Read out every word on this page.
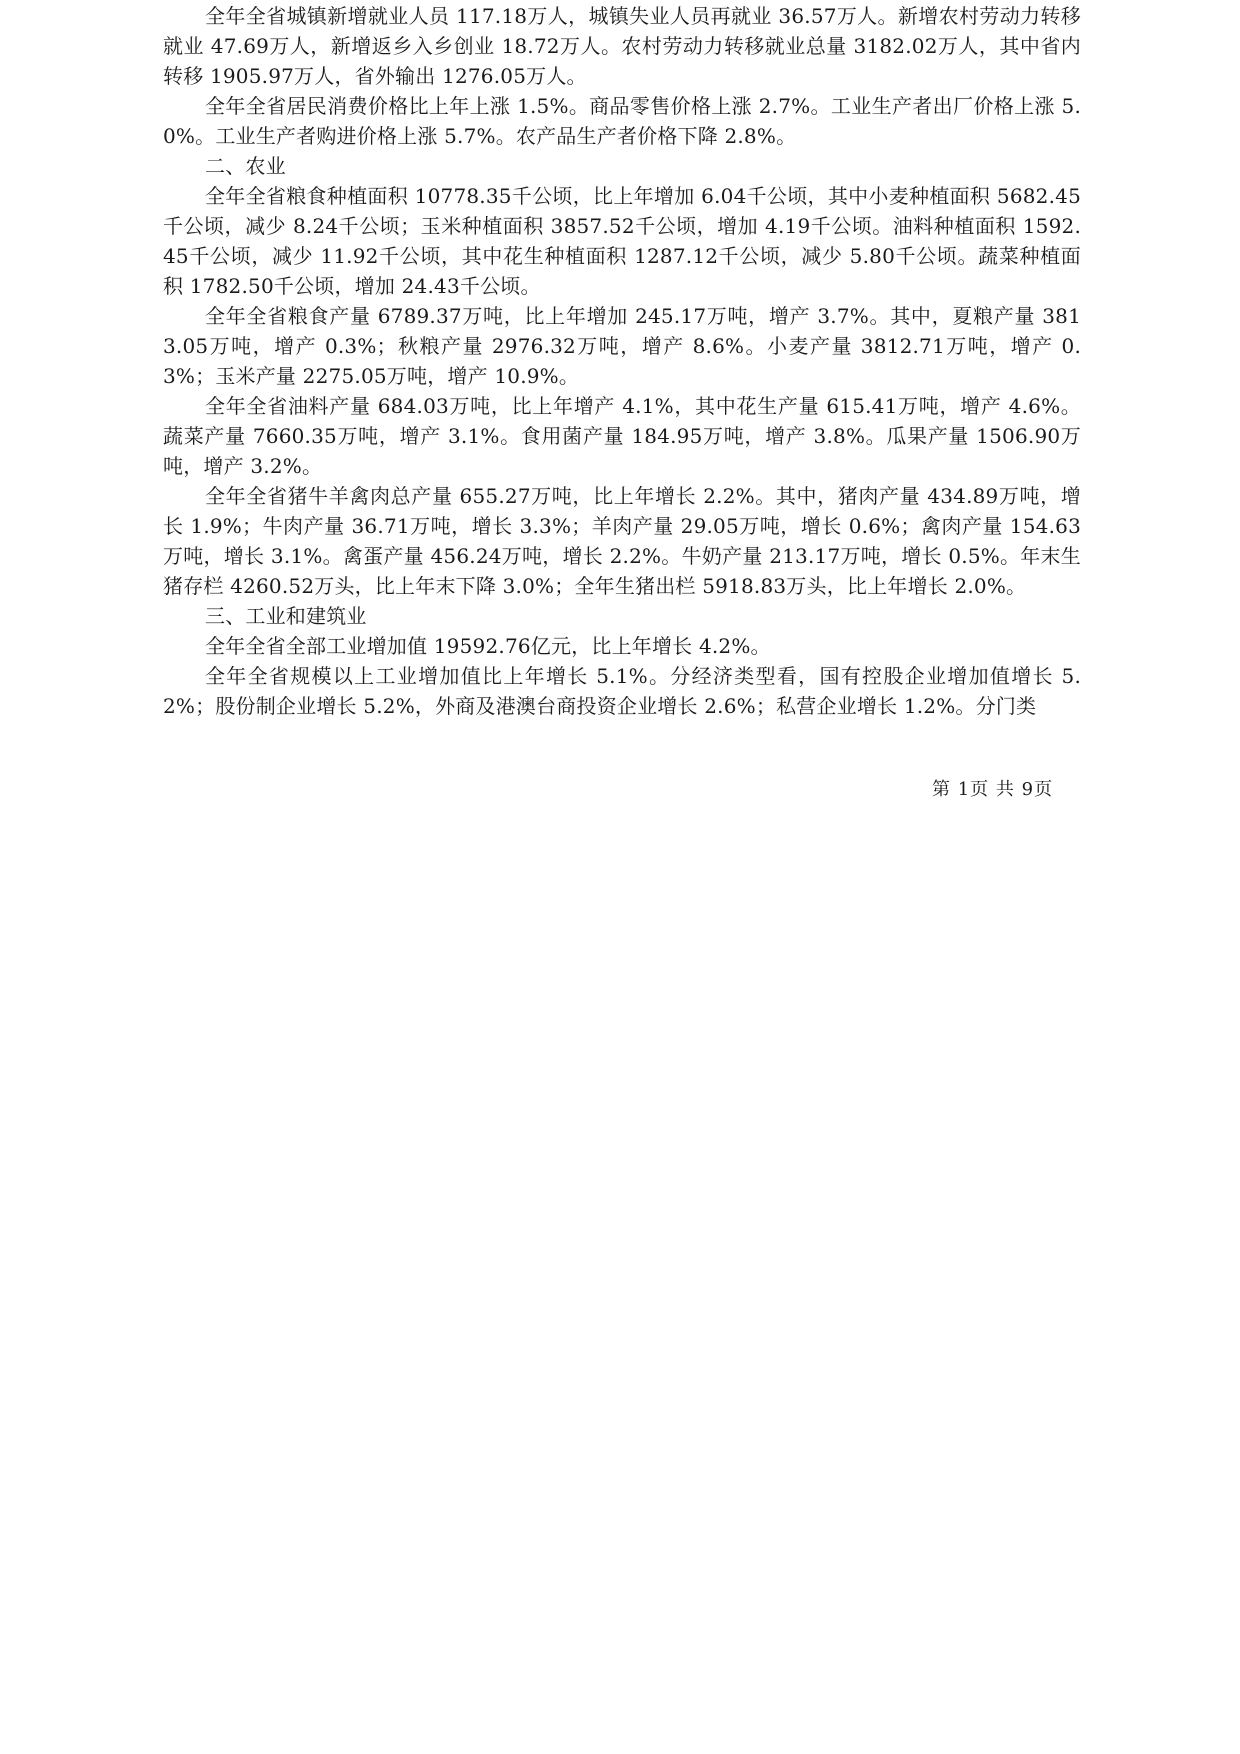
全年全省城镇新增就业人员 117.18万人，城镇失业人员再就业 36.57万人。新增农村劳动力转移就业 47.69万人，新增返乡入乡创业 18.72万人。农村劳动力转移就业总量 3182.02万人，其中省内转移 1905.97万人，省外输出 1276.05万人。

全年全省居民消费价格比上年上涨 1.5%。商品零售价格上涨 2.7%。工业生产者出厂价格上涨 5.0%。工业生产者购进价格上涨 5.7%。农产品生产者价格下降 2.8%。

二、农业

全年全省粮食种植面积 10778.35千公顷，比上年增加 6.04千公顷，其中小麦种植面积 5682.45千公顷，减少 8.24千公顷；玉米种植面积 3857.52千公顷，增加 4.19千公顷。油料种植面积 1592.45千公顷，减少 11.92千公顷，其中花生种植面积 1287.12千公顷，减少 5.80千公顷。蔬菜种植面积 1782.50千公顷，增加 24.43千公顷。

全年全省粮食产量 6789.37万吨，比上年增加 245.17万吨，增产 3.7%。其中，夏粮产量 3813.05万吨，增产 0.3%；秋粮产量 2976.32万吨，增产 8.6%。小麦产量 3812.71万吨，增产 0.3%；玉米产量 2275.05万吨，增产 10.9%。

全年全省油料产量 684.03万吨，比上年增产 4.1%，其中花生产量 615.41万吨，增产 4.6%。蔬菜产量 7660.35万吨，增产 3.1%。食用菌产量 184.95万吨，增产 3.8%。瓜果产量 1506.90万吨，增产 3.2%。

全年全省猪牛羊禽肉总产量 655.27万吨，比上年增长 2.2%。其中，猪肉产量 434.89万吨，增长 1.9%；牛肉产量 36.71万吨，增长 3.3%；羊肉产量 29.05万吨，增长 0.6%；禽肉产量 154.63万吨，增长 3.1%。禽蛋产量 456.24万吨，增长 2.2%。牛奶产量 213.17万吨，增长 0.5%。年末生猪存栏 4260.52万头，比上年末下降 3.0%；全年生猪出栏 5918.83万头，比上年增长 2.0%。

三、工业和建筑业

全年全省全部工业增加值 19592.76亿元，比上年增长 4.2%。

全年全省规模以上工业增加值比上年增长 5.1%。分经济类型看，国有控股企业增加值增长 5.2%；股份制企业增长 5.2%，外商及港澳台商投资企业增长 2.6%；私营企业增长 1.2%。分门类

第 1页 共 9页
